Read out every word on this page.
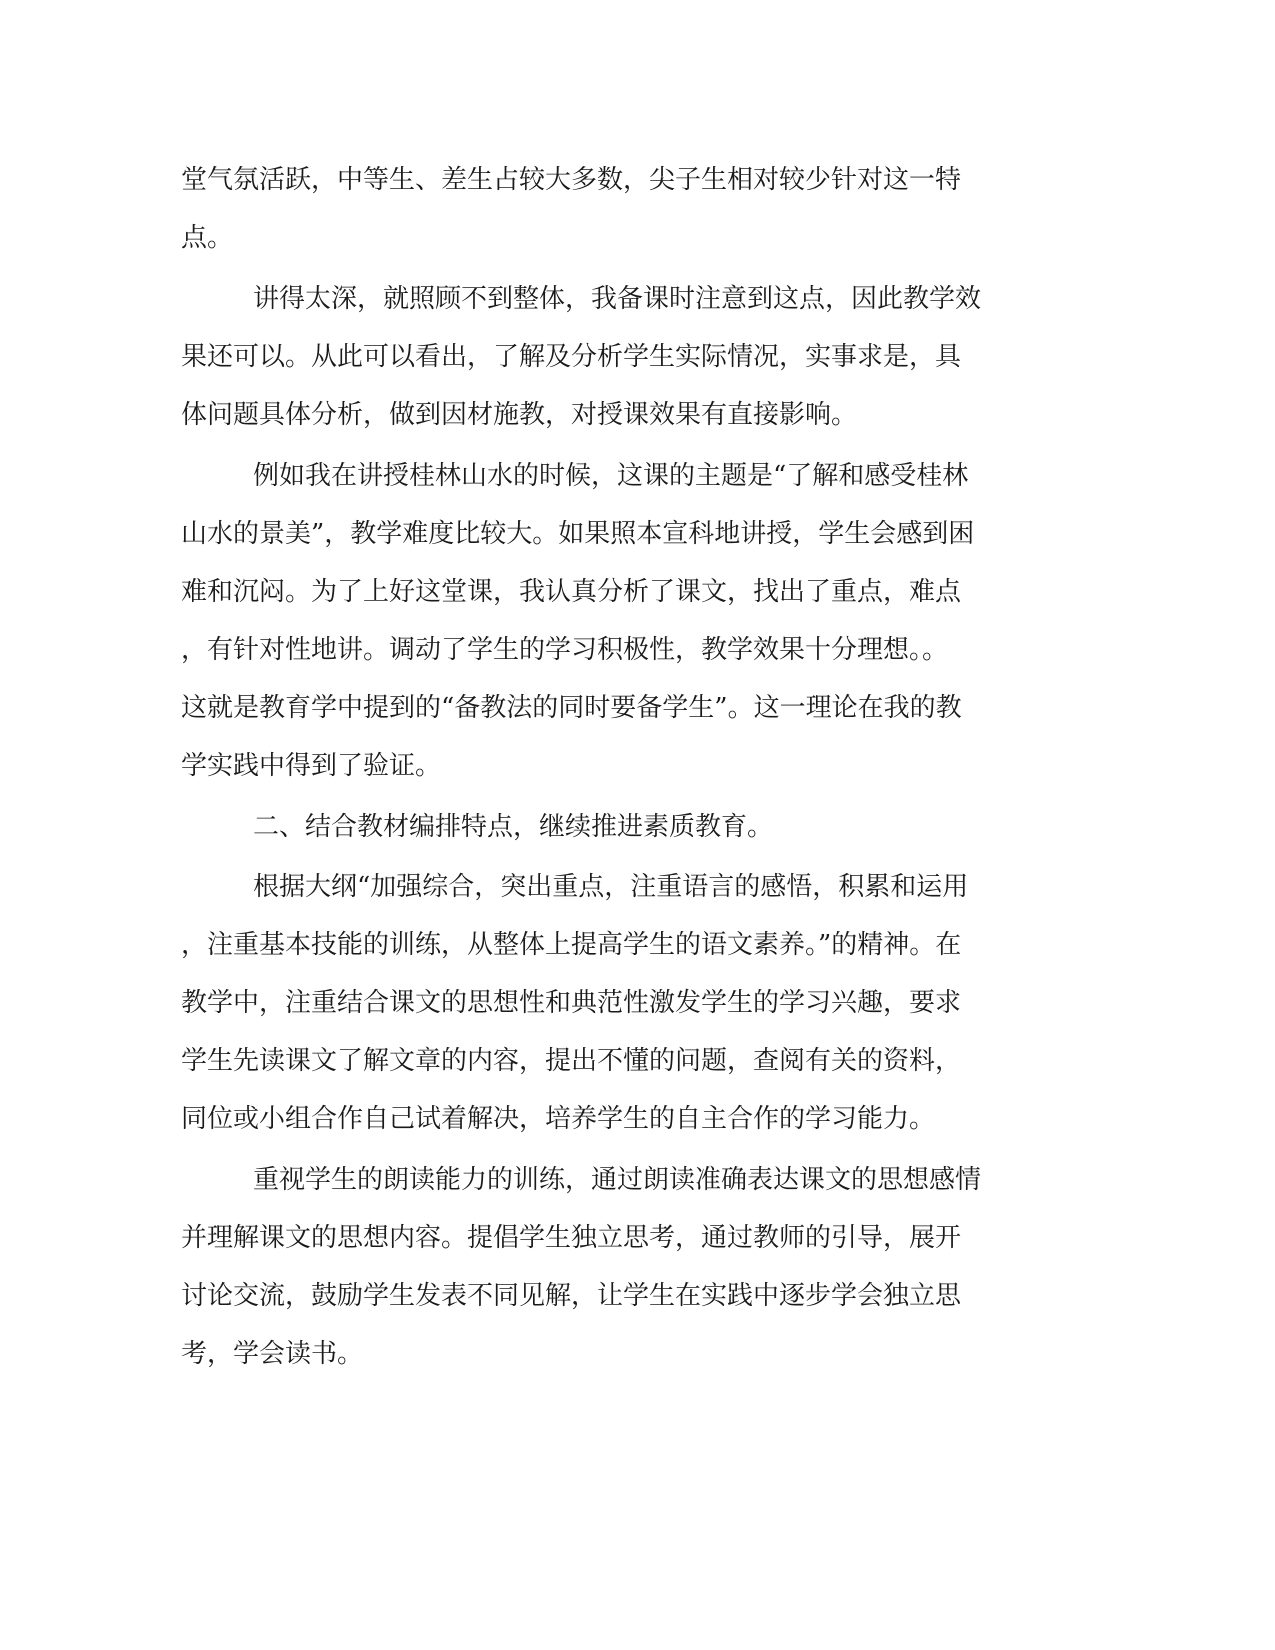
堂气氛活跃，中等生、差生占较大多数，尖子生相对较少针对这一特

点。

讲得太深，就照顾不到整体，我备课时注意到这点，因此教学效

果还可以。从此可以看出，了解及分析学生实际情况，实事求是，具

体问题具体分析，做到因材施教，对授课效果有直接影响。

例如我在讲授桂林山水的时候，这课的主题是“了解和感受桂林

山水的景美”，教学难度比较大。如果照本宣科地讲授，学生会感到困

难和沉闷。为了上好这堂课，我认真分析了课文，找出了重点，难点

，有针对性地讲。调动了学生的学习积极性，教学效果十分理想。。

这就是教育学中提到的“备教法的同时要备学生”。这一理论在我的教

学实践中得到了验证。

二、结合教材编排特点，继续推进素质教育。

根据大纲“加强综合，突出重点，注重语言的感悟，积累和运用

，注重基本技能的训练，从整体上提高学生的语文素养。”的精神。在

教学中，注重结合课文的思想性和典范性激发学生的学习兴趣，要求

学生先读课文了解文章的内容，提出不懂的问题，查阅有关的资料，

同位或小组合作自己试着解决，培养学生的自主合作的学习能力。

重视学生的朗读能力的训练，通过朗读准确表达课文的思想感情

并理解课文的思想内容。提倡学生独立思考，通过教师的引导，展开

讨论交流，鼓励学生发表不同见解，让学生在实践中逐步学会独立思

考，学会读书。
